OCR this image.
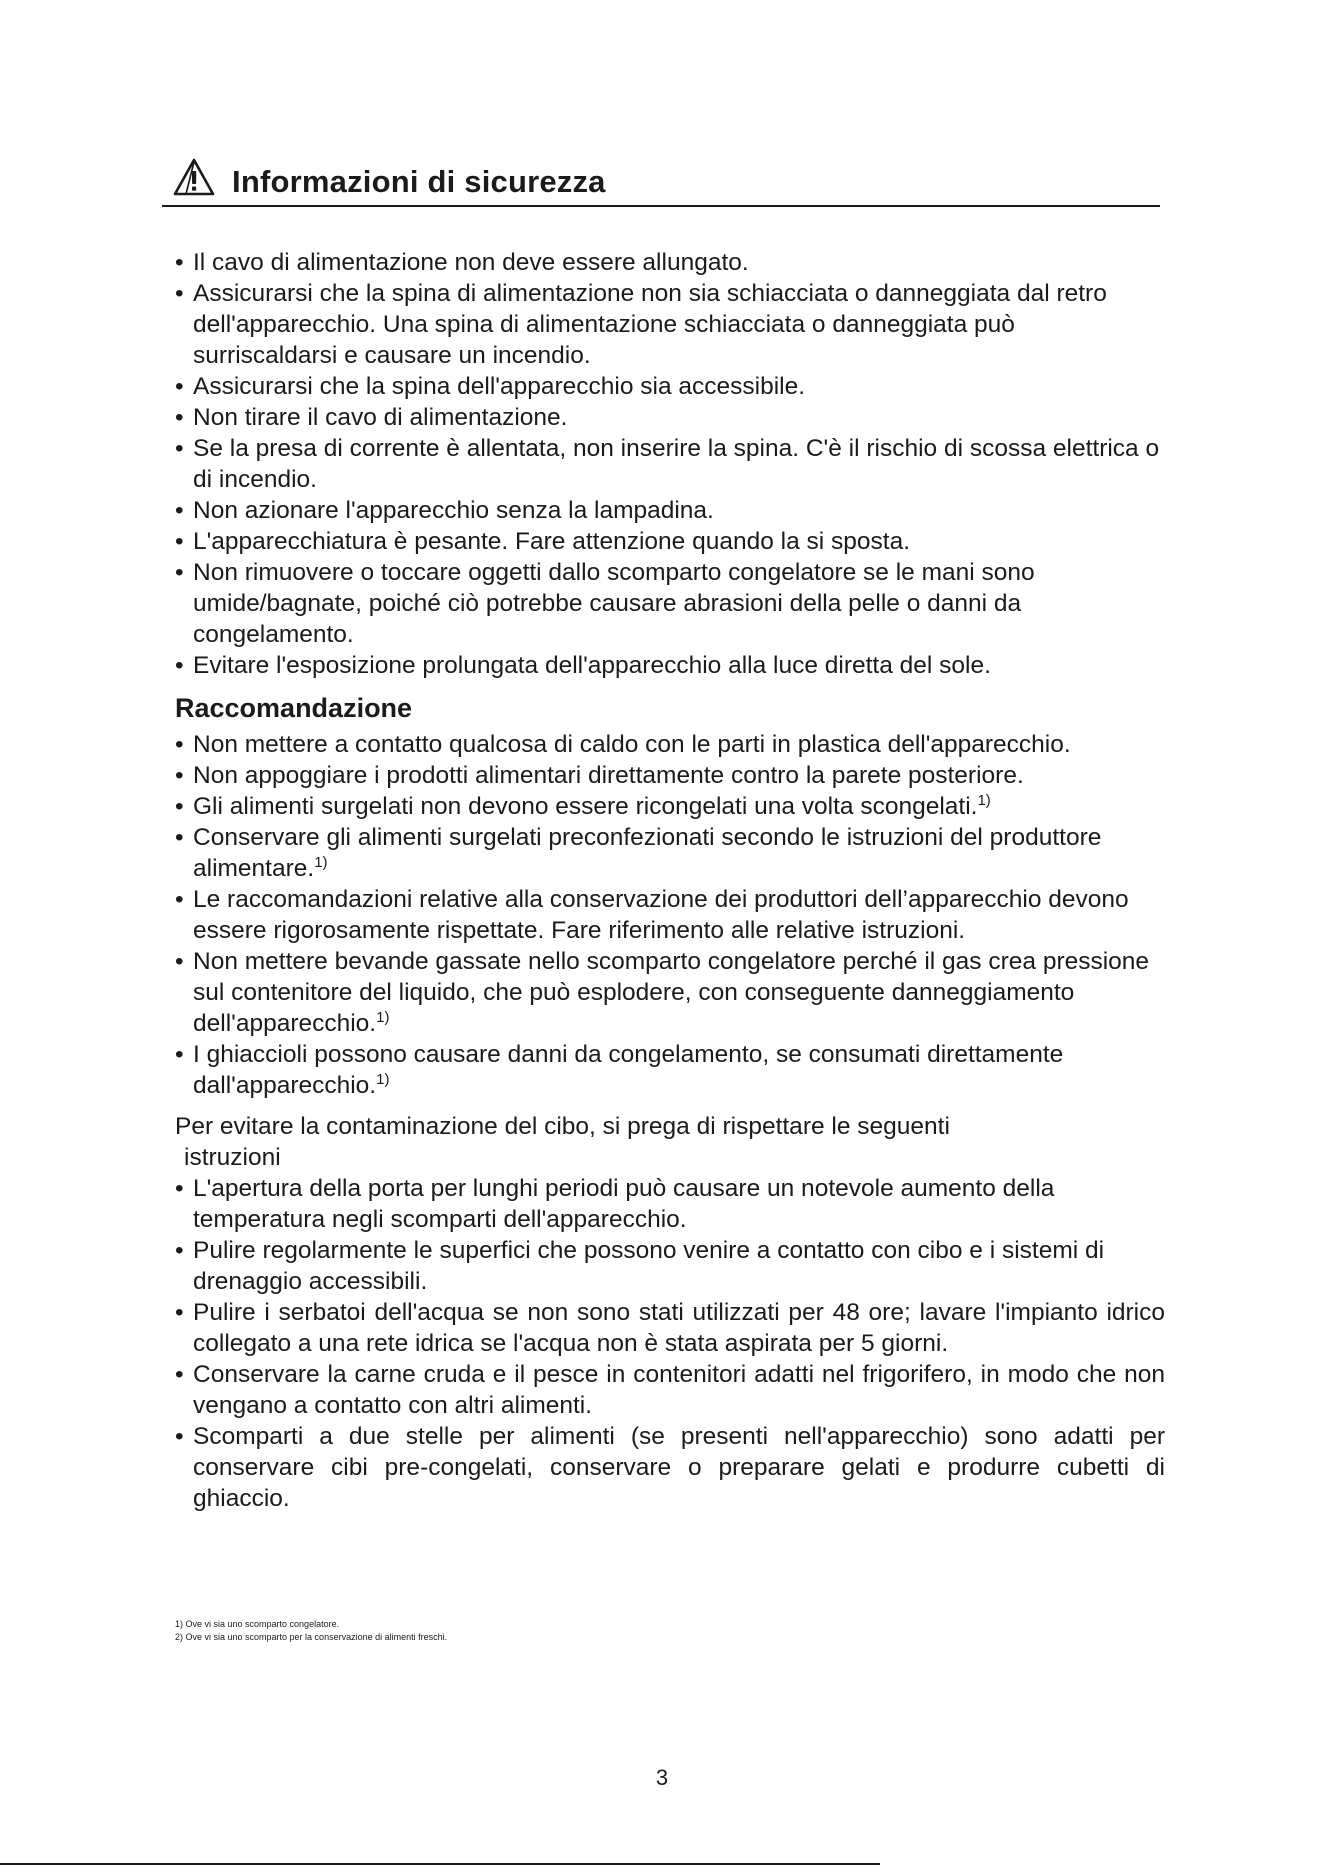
Informazioni di sicurezza
• Il cavo di alimentazione non deve essere allungato.
• Assicurarsi che la spina di alimentazione non sia schiacciata o danneggiata dal retro dell'apparecchio. Una spina di alimentazione schiacciata o danneggiata può surriscaldarsi e causare un incendio.
• Assicurarsi che la spina dell'apparecchio sia accessibile.
• Non tirare il cavo di alimentazione.
• Se la presa di corrente è allentata, non inserire la spina. C'è il rischio di scossa elettrica o di incendio.
• Non azionare l'apparecchio senza la lampadina.
• L'apparecchiatura è pesante. Fare attenzione quando la si sposta.
• Non rimuovere o toccare oggetti dallo scomparto congelatore se le mani sono umide/bagnate, poiché ciò potrebbe causare abrasioni della pelle o danni da congelamento.
• Evitare l'esposizione prolungata dell'apparecchio alla luce diretta del sole.
Raccomandazione
• Non mettere a contatto qualcosa di caldo con le parti in plastica dell'apparecchio.
• Non appoggiare i prodotti alimentari direttamente contro la parete posteriore.
• Gli alimenti surgelati non devono essere ricongelati una volta scongelati.$^{1)}$
• Conservare gli alimenti surgelati preconfezionati secondo le istruzioni del produttore alimentare.$^{1)}$
• Le raccomandazioni relative alla conservazione dei produttori dell’apparecchio devono essere rigorosamente rispettate. Fare riferimento alle relative istruzioni.
• Non mettere bevande gassate nello scomparto congelatore perché il gas crea pressione sul contenitore del liquido, che può esplodere, con conseguente danneggiamento dell'apparecchio.$^{1)}$
• I ghiaccioli possono causare danni da congelamento, se consumati direttamente dall'apparecchio.$^{1)}$

Per evitare la contaminazione del cibo, si prega di rispettare le seguenti
istruzioni

• L'apertura della porta per lunghi periodi può causare un notevole aumento della temperatura negli scomparti dell'apparecchio.
• Pulire regolarmente le superfici che possono venire a contatto con cibo e i sistemi di drenaggio accessibili.
• Pulire i serbatoi dell'acqua se non sono stati utilizzati per 48 ore; lavare l'impianto idrico collegato a una rete idrica se l'acqua non è stata aspirata per 5 giorni.
• Conservare la carne cruda e il pesce in contenitori adatti nel frigorifero, in modo che non vengano a contatto con altri alimenti.
• Scomparti a due stelle per alimenti (se presenti nell'apparecchio) sono adatti per conservare cibi pre-congelati, conservare o preparare gelati e produrre cubetti di ghiaccio.
1) Ove vi sia uno scomparto congelatore.
2) Ove vi sia uno scomparto per la conservazione di alimenti freschi.
3
